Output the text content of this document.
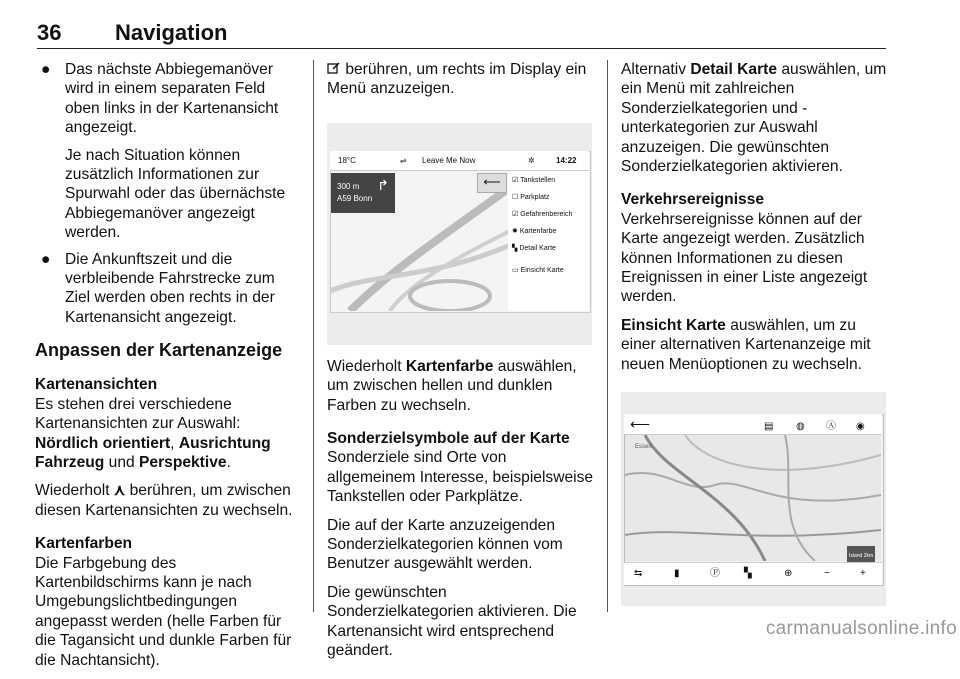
36 Navigation
● Das nächste Abbiegemanöver wird in einem separaten Feld oben links in der Kartenansicht angezeigt.
Je nach Situation können zusätzlich Informationen zur Spurwahl oder das übernächste Abbiegemanöver angezeigt werden.
● Die Ankunftszeit und die verbleibende Fahrstrecke zum Ziel werden oben rechts in der Kartenansicht angezeigt.
Anpassen der Kartenanzeige

Kartenansichten
Es stehen drei verschiedene Kartenansichten zur Auswahl: Nördlich orientiert, Ausrichtung Fahrzeug und Perspektive.

Wiederholt ⋏ berühren, um zwischen diesen Kartenansichten zu wechseln.

Kartenfarben
Die Farbgebung des Kartenbildschirms kann je nach Umgebungslichtbedingungen angepasst werden (helle Farben für die Tagansicht und dunkle Farben für die Nachtansicht).

berühren, um rechts im Display ein Menü anzuzeigen.

18°C	⇌ Leave Me Now	✲	14:22
300 m
A59 Bonn
↱	⟵	☑ Tankstellen
☐ Parkplatz
☑ Gefahrenbereich
✹ Kartenfarbe
▚ Detail Karte
▭ Einsicht Karte

Wiederholt Kartenfarbe auswählen, um zwischen hellen und dunklen Farben zu wechseln.

Sonderzielsymbole auf der Karte
Sonderziele sind Orte von allgemeinem Interesse, beispielsweise Tankstellen oder Parkplätze.

Die auf der Karte anzuzeigenden Sonderzielkategorien können vom Benutzer ausgewählt werden.

Die gewünschten Sonderzielkategorien aktivieren. Die Kartenansicht wird entsprechend geändert.

Alternativ Detail Karte auswählen, um ein Menü mit zahlreichen Sonderzielkategorien und -unterkategorien zur Auswahl anzuzeigen. Die gewünschten Sonderzielkategorien aktivieren.

Verkehrsereignisse
Verkehrsereignisse können auf der Karte angezeigt werden. Zusätzlich können Informationen zu diesen Ereignissen in einer Liste angezeigt werden.

Einsicht Karte auswählen, um zu einer alternativen Kartenanzeige mit neuen Menüoptionen zu wechseln.

⟵	▤ ◍ Ⓐ ◉
Essen
Island 2km
⇆	▮	Ⓟ ▚	⊕	−	+
carmanualsonline.info
